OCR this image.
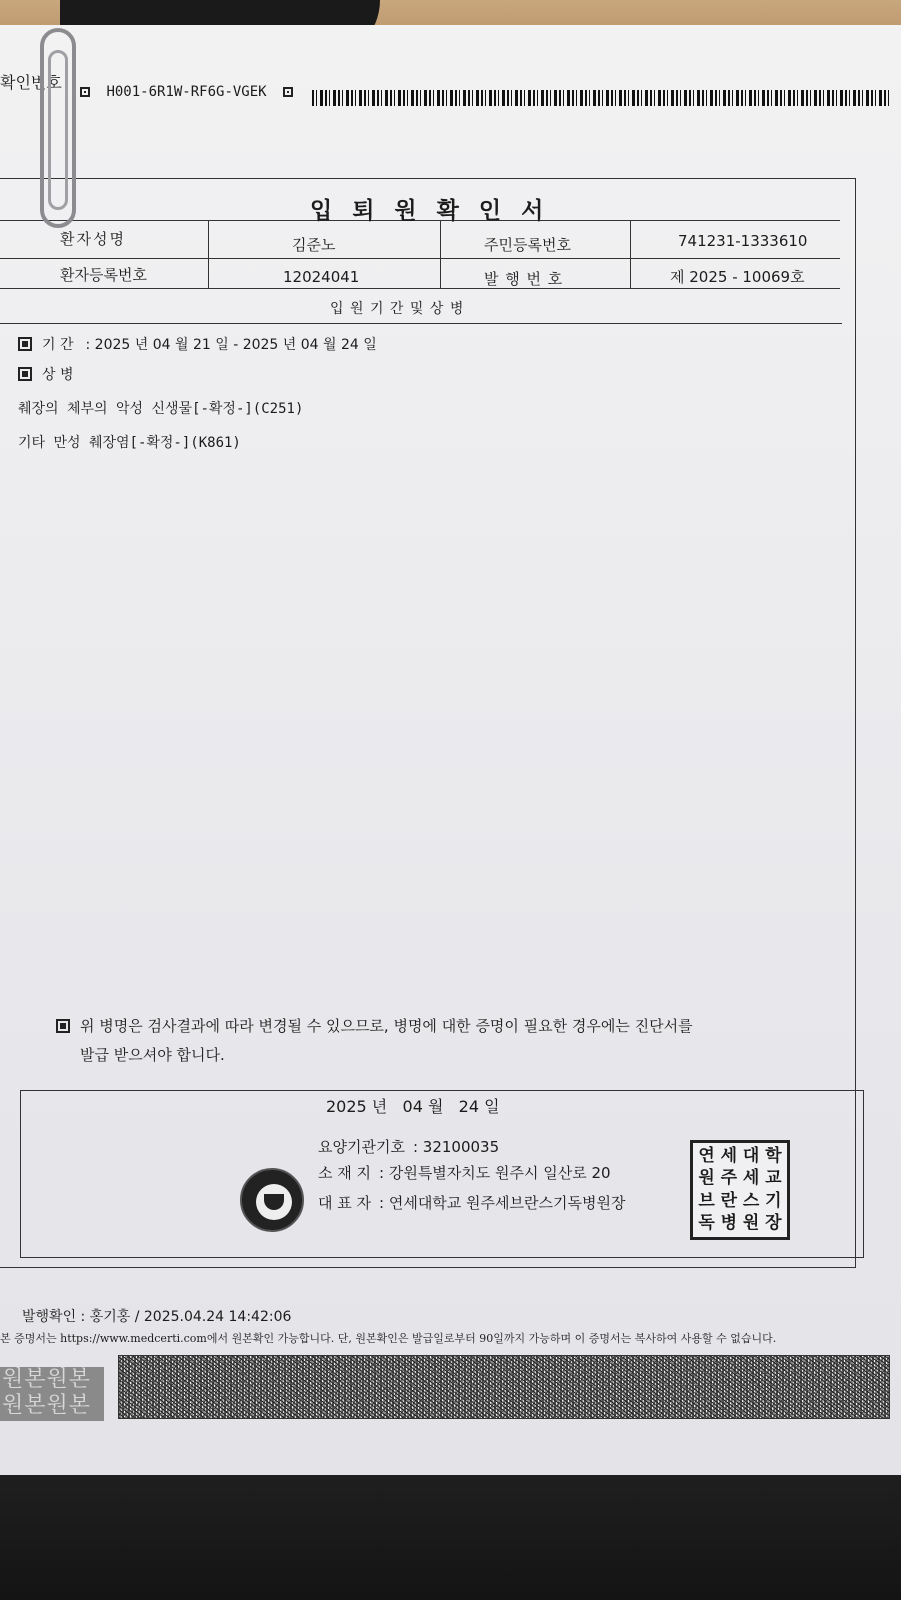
확인번호	H001-6R1W-RF6G-VGEK
입퇴원확인서
환자성명	김준노	주민등록번호	741231-1333610
환자등록번호	12024041	발 행 번 호	제 2025 - 10069호
입 원 기 간 및 상 병
기 간 : 2025 년 04 월 21 일 - 2025 년 04 월 24 일
상 병
췌장의 체부의 악성 신생물[-확정-](C251)
기타 만성 췌장염[-확정-](K861)
위 병명은 검사결과에 따라 변경될 수 있으므로, 병명에 대한 증명이 필요한 경우에는 진단서를
발급 받으셔야 합니다.
2025 년   04 월   24 일
요양기관기호 : 32100035
소 재 지 : 강원특별자치도 원주시 일산로 20
대 표 자 : 연세대학교 원주세브란스기독병원장
연 세 대 학
원 주 세 교
브 란 스 기
독 병 원 장
발행확인 : 홍기홍 / 2025.04.24 14:42:06
본 증명서는 https://www.medcerti.com에서 원본확인 가능합니다. 단, 원본확인은 발급일로부터 90일까지 가능하며 이 증명서는 복사하여 사용할 수 없습니다.
원본원본
원본원본
